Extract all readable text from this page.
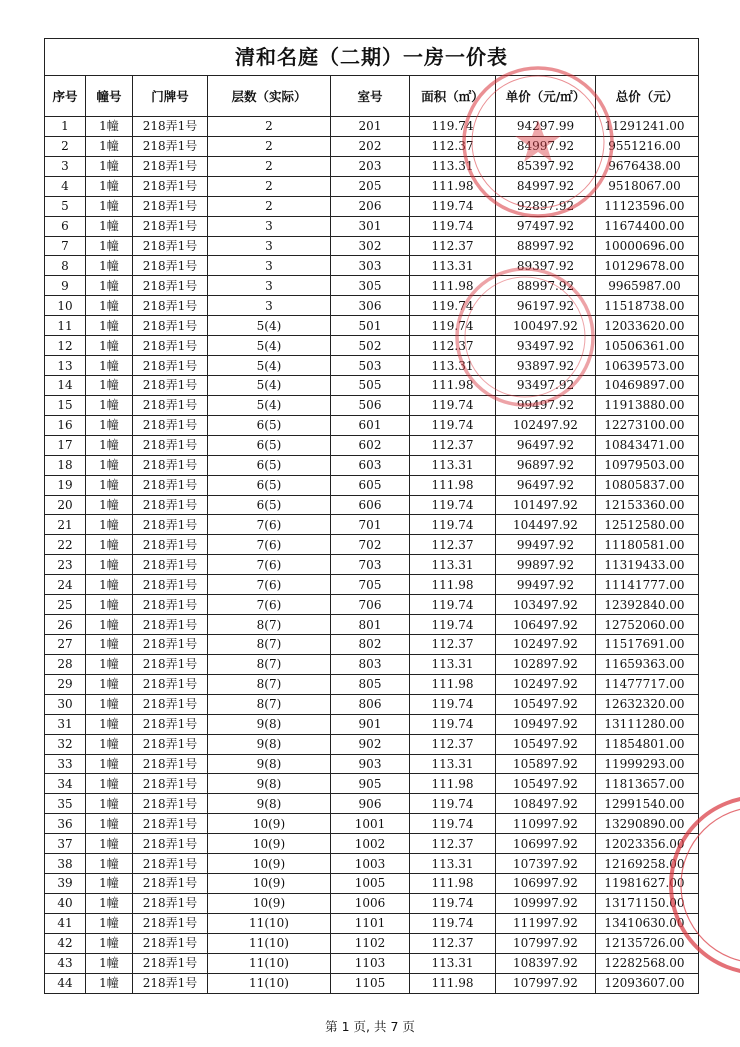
清和名庭（二期）一房一价表
序号	幢号	门牌号	层数（实际）	室号	面积（㎡）	单价（元/㎡）	总价（元）
1	1幢	218弄1号	2	201	119.74	94297.99	11291241.00
2	1幢	218弄1号	2	202	112.37	84997.92	9551216.00
3	1幢	218弄1号	2	203	113.31	85397.92	9676438.00
4	1幢	218弄1号	2	205	111.98	84997.92	9518067.00
5	1幢	218弄1号	2	206	119.74	92897.92	11123596.00
6	1幢	218弄1号	3	301	119.74	97497.92	11674400.00
7	1幢	218弄1号	3	302	112.37	88997.92	10000696.00
8	1幢	218弄1号	3	303	113.31	89397.92	10129678.00
9	1幢	218弄1号	3	305	111.98	88997.92	9965987.00
10	1幢	218弄1号	3	306	119.74	96197.92	11518738.00
11	1幢	218弄1号	5(4)	501	119.74	100497.92	12033620.00
12	1幢	218弄1号	5(4)	502	112.37	93497.92	10506361.00
13	1幢	218弄1号	5(4)	503	113.31	93897.92	10639573.00
14	1幢	218弄1号	5(4)	505	111.98	93497.92	10469897.00
15	1幢	218弄1号	5(4)	506	119.74	99497.92	11913880.00
16	1幢	218弄1号	6(5)	601	119.74	102497.92	12273100.00
17	1幢	218弄1号	6(5)	602	112.37	96497.92	10843471.00
18	1幢	218弄1号	6(5)	603	113.31	96897.92	10979503.00
19	1幢	218弄1号	6(5)	605	111.98	96497.92	10805837.00
20	1幢	218弄1号	6(5)	606	119.74	101497.92	12153360.00
21	1幢	218弄1号	7(6)	701	119.74	104497.92	12512580.00
22	1幢	218弄1号	7(6)	702	112.37	99497.92	11180581.00
23	1幢	218弄1号	7(6)	703	113.31	99897.92	11319433.00
24	1幢	218弄1号	7(6)	705	111.98	99497.92	11141777.00
25	1幢	218弄1号	7(6)	706	119.74	103497.92	12392840.00
26	1幢	218弄1号	8(7)	801	119.74	106497.92	12752060.00
27	1幢	218弄1号	8(7)	802	112.37	102497.92	11517691.00
28	1幢	218弄1号	8(7)	803	113.31	102897.92	11659363.00
29	1幢	218弄1号	8(7)	805	111.98	102497.92	11477717.00
30	1幢	218弄1号	8(7)	806	119.74	105497.92	12632320.00
31	1幢	218弄1号	9(8)	901	119.74	109497.92	13111280.00
32	1幢	218弄1号	9(8)	902	112.37	105497.92	11854801.00
33	1幢	218弄1号	9(8)	903	113.31	105897.92	11999293.00
34	1幢	218弄1号	9(8)	905	111.98	105497.92	11813657.00
35	1幢	218弄1号	9(8)	906	119.74	108497.92	12991540.00
36	1幢	218弄1号	10(9)	1001	119.74	110997.92	13290890.00
37	1幢	218弄1号	10(9)	1002	112.37	106997.92	12023356.00
38	1幢	218弄1号	10(9)	1003	113.31	107397.92	12169258.00
39	1幢	218弄1号	10(9)	1005	111.98	106997.92	11981627.00
40	1幢	218弄1号	10(9)	1006	119.74	109997.92	13171150.00
41	1幢	218弄1号	11(10)	1101	119.74	111997.92	13410630.00
42	1幢	218弄1号	11(10)	1102	112.37	107997.92	12135726.00
43	1幢	218弄1号	11(10)	1103	113.31	108397.92	12282568.00
44	1幢	218弄1号	11(10)	1105	111.98	107997.92	12093607.00
第 1 页, 共 7 页
